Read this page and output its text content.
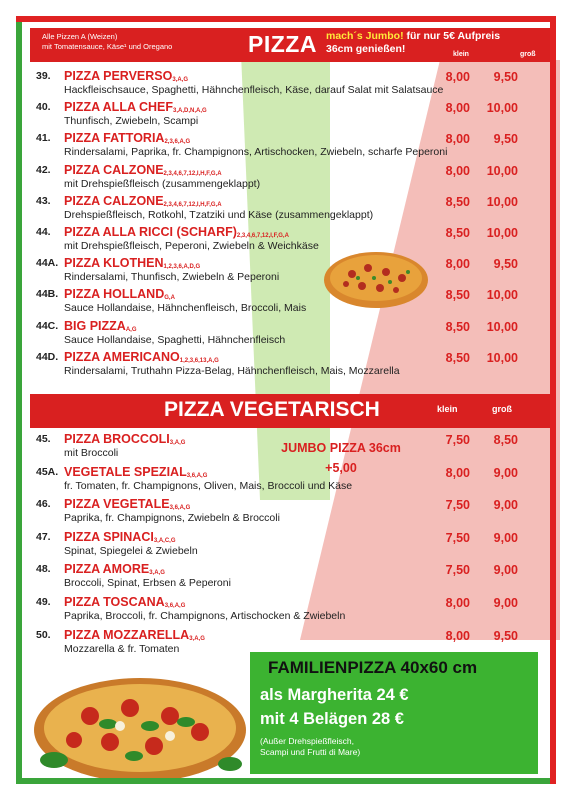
Alle Pizzen A (Weizen)
mit Tomatensauce, Käse¹ und Oregano	PIZZA mach´s Jumbo! für nur 5€ Aufpreis
36cm genießen!	klein	groß
39.	PIZZA $PERVERSO^{3,A,G}$
Hackfleischsauce, Spaghetti, Hähnchenfleisch, Käse, darauf Salat mit Salatsauce
8,00	9,50
40.	PIZZA ALLA $CHEF^{3,A,D,N,A,G}$
Thunfisch, Zwiebeln, Scampi
8,00 10,00
41.	PIZZA $FATTORIA^{2,3,6,A,G}$
Rindersalami, Paprika, fr. Champignons, Artischocken, Zwiebeln, scharfe Peperoni
8,00	9,50
42.	PIZZA $CALZONE^{2,3,4,6,7,12,I,H,F,G,A}$
mit Drehspießfleisch (zusammengeklappt)
8,00 10,00
43.	PIZZA $CALZONE^{2,3,4,6,7,12,I,H,F,G,A}$
Drehspießfleisch, Rotkohl, Tzatziki und Käse (zusammengeklappt)
8,50 10,00
44.	PIZZA ALLA RICCI (SCHARF)$^{2,3,4,6,7,12,I,F,G,A}$
mit Drehspießfleisch, Peperoni, Zwiebeln & Weichkäse
8,50 10,00
44A. PIZZA $KLOTHEN^{1,2,3,6,A,D,G}$
Rindersalami, Thunfisch, Zwiebeln & Peperoni
8,00	9,50
44B. PIZZA $HOLLAND^{G,A}$
Sauce Hollandaise, Hähnchenfleisch, Broccoli, Mais
8,50 10,00
44C. BIG $PIZZA^{A,G}$
Sauce Hollandaise, Spaghetti, Hähnchenfleisch
8,50 10,00
44D. PIZZA $AMERICANO^{1,2,3,6,13,A,G}$
Rindersalami, Truthahn Pizza-Belag, Hähnchenfleisch, Mais, Mozzarella
8,50 10,00
PIZZA VEGETARISCH	klein	groß
JUMBO PIZZA 36cm
+5,00
45.	PIZZA $BROCCOLI^{3,A,G}$
mit Broccoli
7,50	8,50
45A. VEGETALE $SPEZIAL^{3,6,A,G}$
fr. Tomaten, fr. Champignons, Oliven, Mais, Broccoli und Käse
8,00	9,00
46.	PIZZA $VEGETALE^{3,6,A,G}$
Paprika, fr. Champignons, Zwiebeln & Broccoli
7,50	9,00
47.	PIZZA $SPINACI^{3,A,C,G}$
Spinat, Spiegelei & Zwiebeln
7,50	9,00
48.	PIZZA $AMORE^{3,A,G}$
Broccoli, Spinat, Erbsen & Peperoni
7,50	9,00
49.	PIZZA $TOSCANA^{3,6,A,G}$
Paprika, Broccoli, fr. Champignons, Artischocken & Zwiebeln
8,00	9,00
50.	PIZZA $MOZZARELLA^{3,A,G}$
Mozzarella & fr. Tomaten
8,00	9,50
FAMILIENPIZZA 40x60 cm
als Margherita 24 €
mit 4 Belägen 28 €
(Außer Drehspießfleisch,
Scampi und Frutti di Mare)
